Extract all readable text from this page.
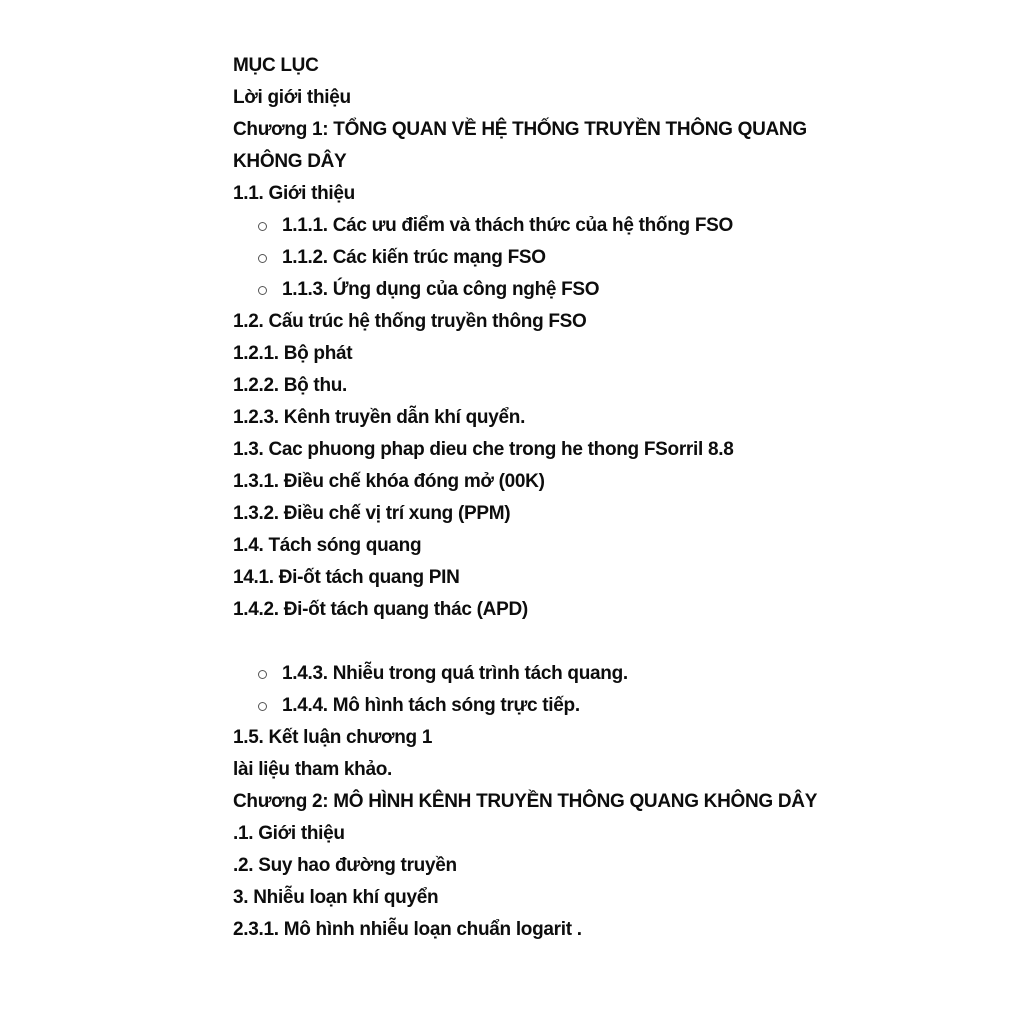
MỤC LỤC
Lời giới thiệu
Chương 1: TỔNG QUAN VỀ HỆ THỐNG TRUYỀN THÔNG QUANG
KHÔNG DÂY
1.1. Giới thiệu
1.1.1. Các ưu điểm và thách thức của hệ thống FSO
1.1.2. Các kiến trúc mạng FSO
1.1.3. Ứng dụng của công nghệ FSO
1.2. Cấu trúc hệ thống truyền thông FSO
1.2.1. Bộ phát
1.2.2. Bộ thu.
1.2.3. Kênh truyền dẫn khí quyển.
1.3. Cac phuong phap dieu che trong he thong FSorril 8.8
1.3.1. Điều chế khóa đóng mở (00K)
1.3.2. Điều chế vị trí xung (PPM)
1.4. Tách sóng quang
14.1. Đi-ốt tách quang PIN
1.4.2. Đi-ốt tách quang thác (APD)
1.4.3. Nhiễu trong quá trình tách quang.
1.4.4. Mô hình tách sóng trực tiếp.
1.5. Kết luận chương 1
lài liệu tham khảo.
Chương 2: MÔ HÌNH KÊNH TRUYỀN THÔNG QUANG KHÔNG DÂY
.1. Giới thiệu
.2. Suy hao đường truyền
3. Nhiễu loạn khí quyển
2.3.1. Mô hình nhiễu loạn chuẩn logarit .
